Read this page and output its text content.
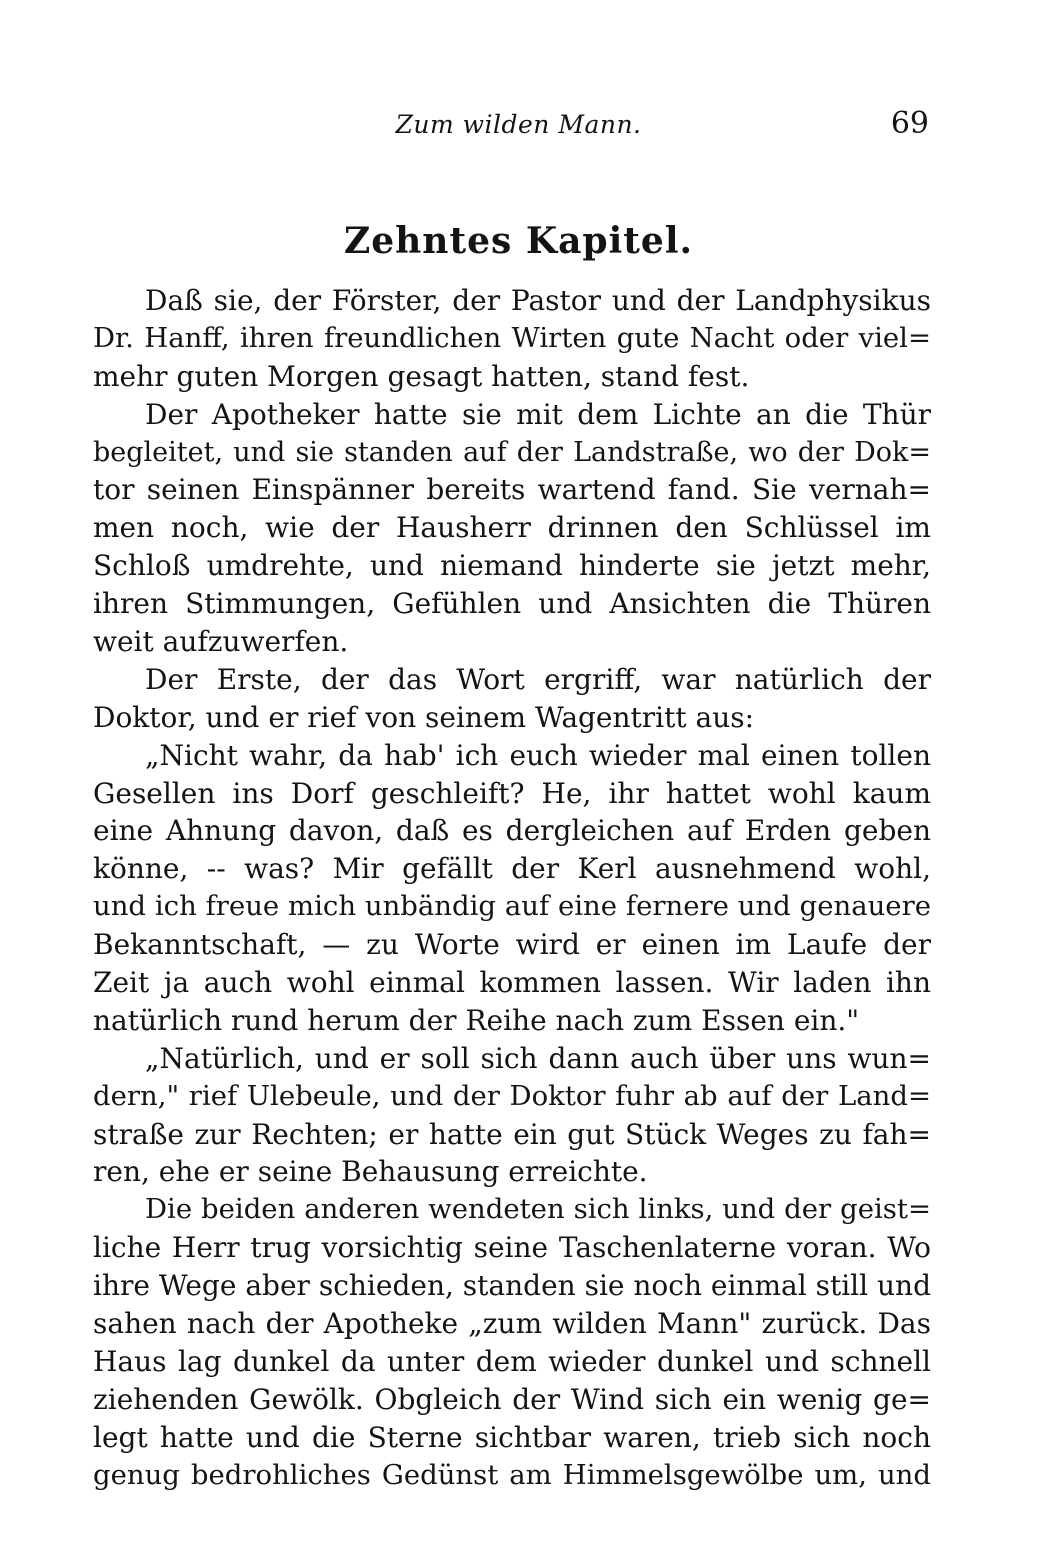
Zum wilden Mann.	69
Zehntes Kapitel.
Daß sie, der Förster, der Pastor und der Landphysikus
Dr. Hanff, ihren freundlichen Wirten gute Nacht oder viel=
mehr guten Morgen gesagt hatten, stand fest.
Der Apotheker hatte sie mit dem Lichte an die Thür
begleitet, und sie standen auf der Landstraße, wo der Dok=
tor seinen Einspänner bereits wartend fand. Sie vernah=
men noch, wie der Hausherr drinnen den Schlüssel im
Schloß umdrehte, und niemand hinderte sie jetzt mehr,
ihren Stimmungen, Gefühlen und Ansichten die Thüren
weit aufzuwerfen.
Der Erste, der das Wort ergriff, war natürlich der
Doktor, und er rief von seinem Wagentritt aus:
„Nicht wahr, da hab' ich euch wieder mal einen tollen
Gesellen ins Dorf geschleift? He, ihr hattet wohl kaum
eine Ahnung davon, daß es dergleichen auf Erden geben
könne, -- was? Mir gefällt der Kerl ausnehmend wohl,
und ich freue mich unbändig auf eine fernere und genauere
Bekanntschaft, — zu Worte wird er einen im Laufe der
Zeit ja auch wohl einmal kommen lassen. Wir laden ihn
natürlich rund herum der Reihe nach zum Essen ein."
„Natürlich, und er soll sich dann auch über uns wun=
dern," rief Ulebeule, und der Doktor fuhr ab auf der Land=
straße zur Rechten; er hatte ein gut Stück Weges zu fah=
ren, ehe er seine Behausung erreichte.
Die beiden anderen wendeten sich links, und der geist=
liche Herr trug vorsichtig seine Taschenlaterne voran. Wo
ihre Wege aber schieden, standen sie noch einmal still und
sahen nach der Apotheke „zum wilden Mann" zurück. Das
Haus lag dunkel da unter dem wieder dunkel und schnell
ziehenden Gewölk. Obgleich der Wind sich ein wenig ge=
legt hatte und die Sterne sichtbar waren, trieb sich noch
genug bedrohliches Gedünst am Himmelsgewölbe um, und
